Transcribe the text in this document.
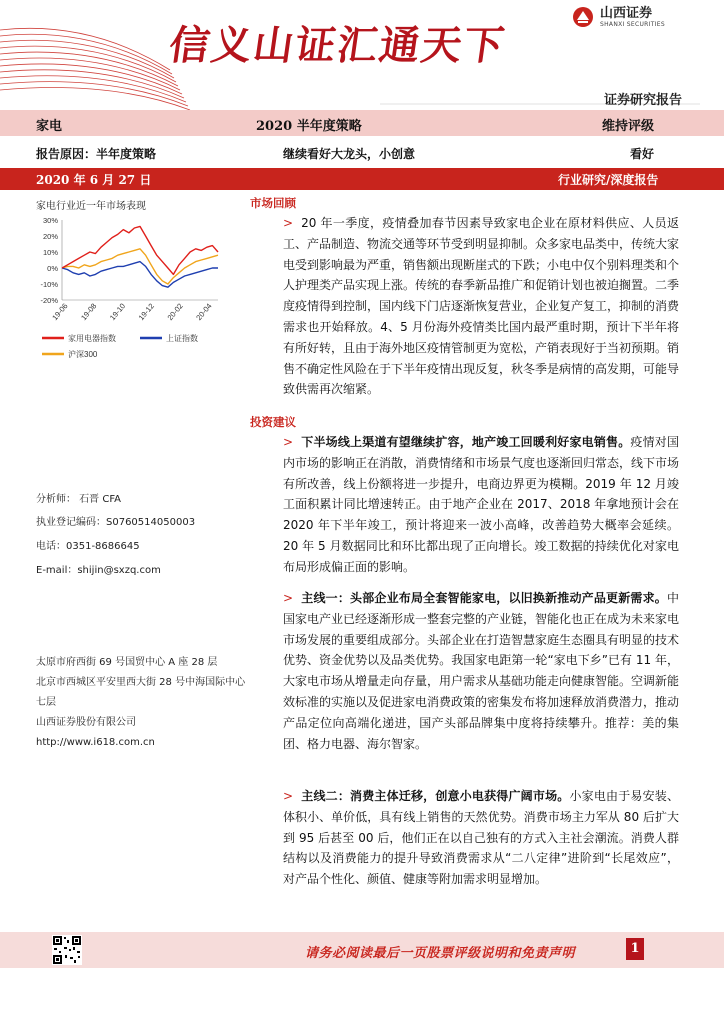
信义山证汇通天下
山西证券
SHANXI SECURITIES
证券研究报告
家电	2020 半年度策略	维持评级
报告原因：半年度策略	继续看好大龙头，小创意	看好
2020 年 6 月 27 日	行业研究/深度报告
家电行业近一年市场表现
30%
20%
10%
0%
-10%
-20%
19-06 19-08 19-10 19-12 20-02 20-04
家用电器指数	上证指数
沪深300
分析师： 石晋 CFA
执业登记编码：S0760514050003
电话：0351-8686645
E-mail：shijin@sxzq.com
太原市府西街 69 号国贸中心 A 座 28 层
北京市西城区平安里西大街 28 号中海国际中心七层
山西证券股份有限公司
http://www.i618.com.cn
市场回顾
> 20 年一季度，疫情叠加春节因素导致家电企业在原材料供应、人员返工、产品制造、物流交通等环节受到明显抑制。众多家电品类中，传统大家电受到影响最为严重，销售额出现断崖式的下跌；小电中仅个别料理类和个人护理类产品实现上涨。传统的春季新品推广和促销计划也被迫搁置。二季度疫情得到控制，国内线下门店逐渐恢复营业，企业复产复工，抑制的消费需求也开始释放。4、5 月份海外疫情类比国内最严重时期，预计下半年将有所好转，且由于海外地区疫情管制更为宽松，产销表现好于当初预期。销售不确定性风险在于下半年疫情出现反复，秋冬季是病情的高发期，可能导致供需再次缩紧。
投资建议
> 下半场线上渠道有望继续扩容，地产竣工回暖利好家电销售。疫情对国内市场的影响正在消散，消费情绪和市场景气度也逐渐回归常态，线下市场有所改善，线上份额将进一步提升，电商边界更为模糊。2019 年 12 月竣工面积累计同比增速转正。由于地产企业在 2017、2018 年拿地预计会在 2020 年下半年竣工，预计将迎来一波小高峰，改善趋势大概率会延续。20 年 5 月数据同比和环比都出现了正向增长。竣工数据的持续优化对家电布局形成偏正面的影响。
> 主线一：头部企业布局全套智能家电，以旧换新推动产品更新需求。中国家电产业已经逐渐形成一整套完整的产业链，智能化也正在成为未来家电市场发展的重要组成部分。头部企业在打造智慧家庭生态圈具有明显的技术优势、资金优势以及品类优势。我国家电距第一轮“家电下乡”已有 11 年，大家电市场从增量走向存量，用户需求从基础功能走向健康智能。空调新能效标准的实施以及促进家电消费政策的密集发布将加速释放消费潜力，推动产品定位向高端化递进，国产头部品牌集中度将持续攀升。推荐：美的集团、格力电器、海尔智家。
> 主线二：消费主体迁移，创意小电获得广阔市场。小家电由于易安装、体积小、单价低，具有线上销售的天然优势。消费市场主力军从 80 后扩大到 95 后甚至 00 后，他们正在以自己独有的方式入主社会潮流。消费人群结构以及消费能力的提升导致消费需求从“二八定律”进阶到“长尾效应”，对产品个性化、颜值、健康等附加需求明显增加。
请务必阅读最后一页股票评级说明和免责声明	1
